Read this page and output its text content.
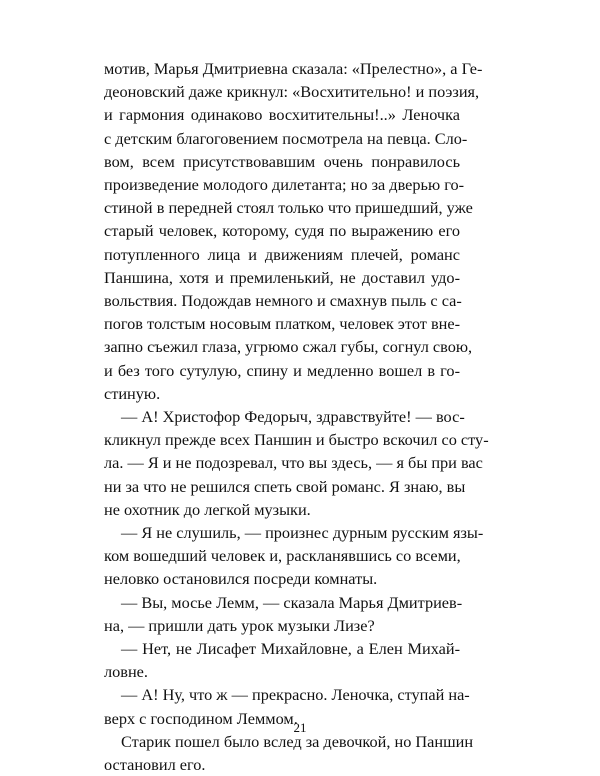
мотив, Марья Дмитриевна сказала: «Прелестно», а Ге-
деоновский даже крикнул: «Восхитительно! и поэзия,
и гармония одинаково восхитительны!..» Леночка
с детским благоговением посмотрела на певца. Сло-
вом, всем присутствовавшим очень понравилось
произведение молодого дилетанта; но за дверью го-
стиной в передней стоял только что пришедший, уже
старый человек, которому, судя по выражению его
потупленного лица и движениям плечей, романс
Паншина, хотя и премиленький, не доставил удо-
вольствия. Подождав немного и смахнув пыль с са-
погов толстым носовым платком, человек этот вне-
запно съежил глаза, угрюмо сжал губы, согнул свою,
и без того сутулую, спину и медленно вошел в го-
стиную.
— А! Христофор Федорыч, здравствуйте! — вос-
кликнул прежде всех Паншин и быстро вскочил со сту-
ла. — Я и не подозревал, что вы здесь, — я бы при вас
ни за что не решился спеть свой романс. Я знаю, вы
не охотник до легкой музыки.
— Я не слушиль, — произнес дурным русским язы-
ком вошедший человек и, раскланявшись со всеми,
неловко остановился посреди комнаты.
— Вы, мосье Лемм, — сказала Марья Дмитриев-
на, — пришли дать урок музыки Лизе?
— Нет, не Лисафет Михайловне, а Елен Михай-
ловне.
— А! Ну, что ж — прекрасно. Леночка, ступай на-
верх с господином Леммом.
Старик пошел было вслед за девочкой, но Паншин
остановил его.
21
